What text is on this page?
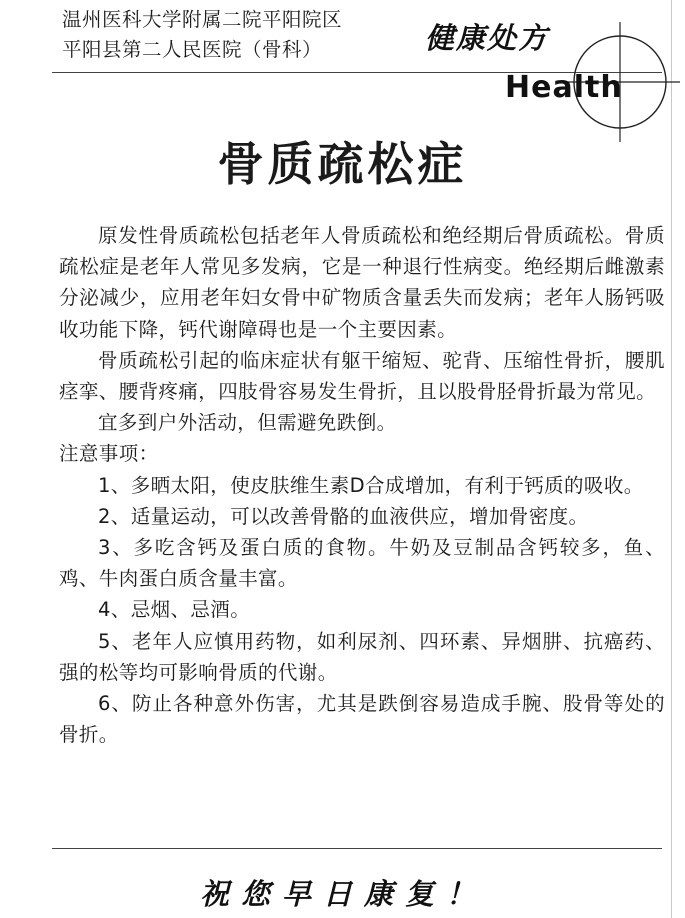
温州医科大学附属二院平阳院区
平阳县第二人民医院（骨科）	健康处方
Health
骨质疏松症

原发性骨质疏松包括老年人骨质疏松和绝经期后骨质疏松。骨质疏松症是老年人常见多发病，它是一种退行性病变。绝经期后雌激素分泌减少，应用老年妇女骨中矿物质含量丢失而发病；老年人肠钙吸收功能下降，钙代谢障碍也是一个主要因素。

骨质疏松引起的临床症状有躯干缩短、驼背、压缩性骨折，腰肌痉挛、腰背疼痛，四肢骨容易发生骨折，且以股骨胫骨折最为常见。

宜多到户外活动，但需避免跌倒。

注意事项：

1、多晒太阳，使皮肤维生素D合成增加，有利于钙质的吸收。

2、适量运动，可以改善骨骼的血液供应，增加骨密度。

3、多吃含钙及蛋白质的食物。牛奶及豆制品含钙较多，鱼、鸡、牛肉蛋白质含量丰富。

4、忌烟、忌酒。

5、老年人应慎用药物，如利尿剂、四环素、异烟肼、抗癌药、强的松等均可影响骨质的代谢。

6、防止各种意外伤害，尤其是跌倒容易造成手腕、股骨等处的骨折。

祝您早日康复！
